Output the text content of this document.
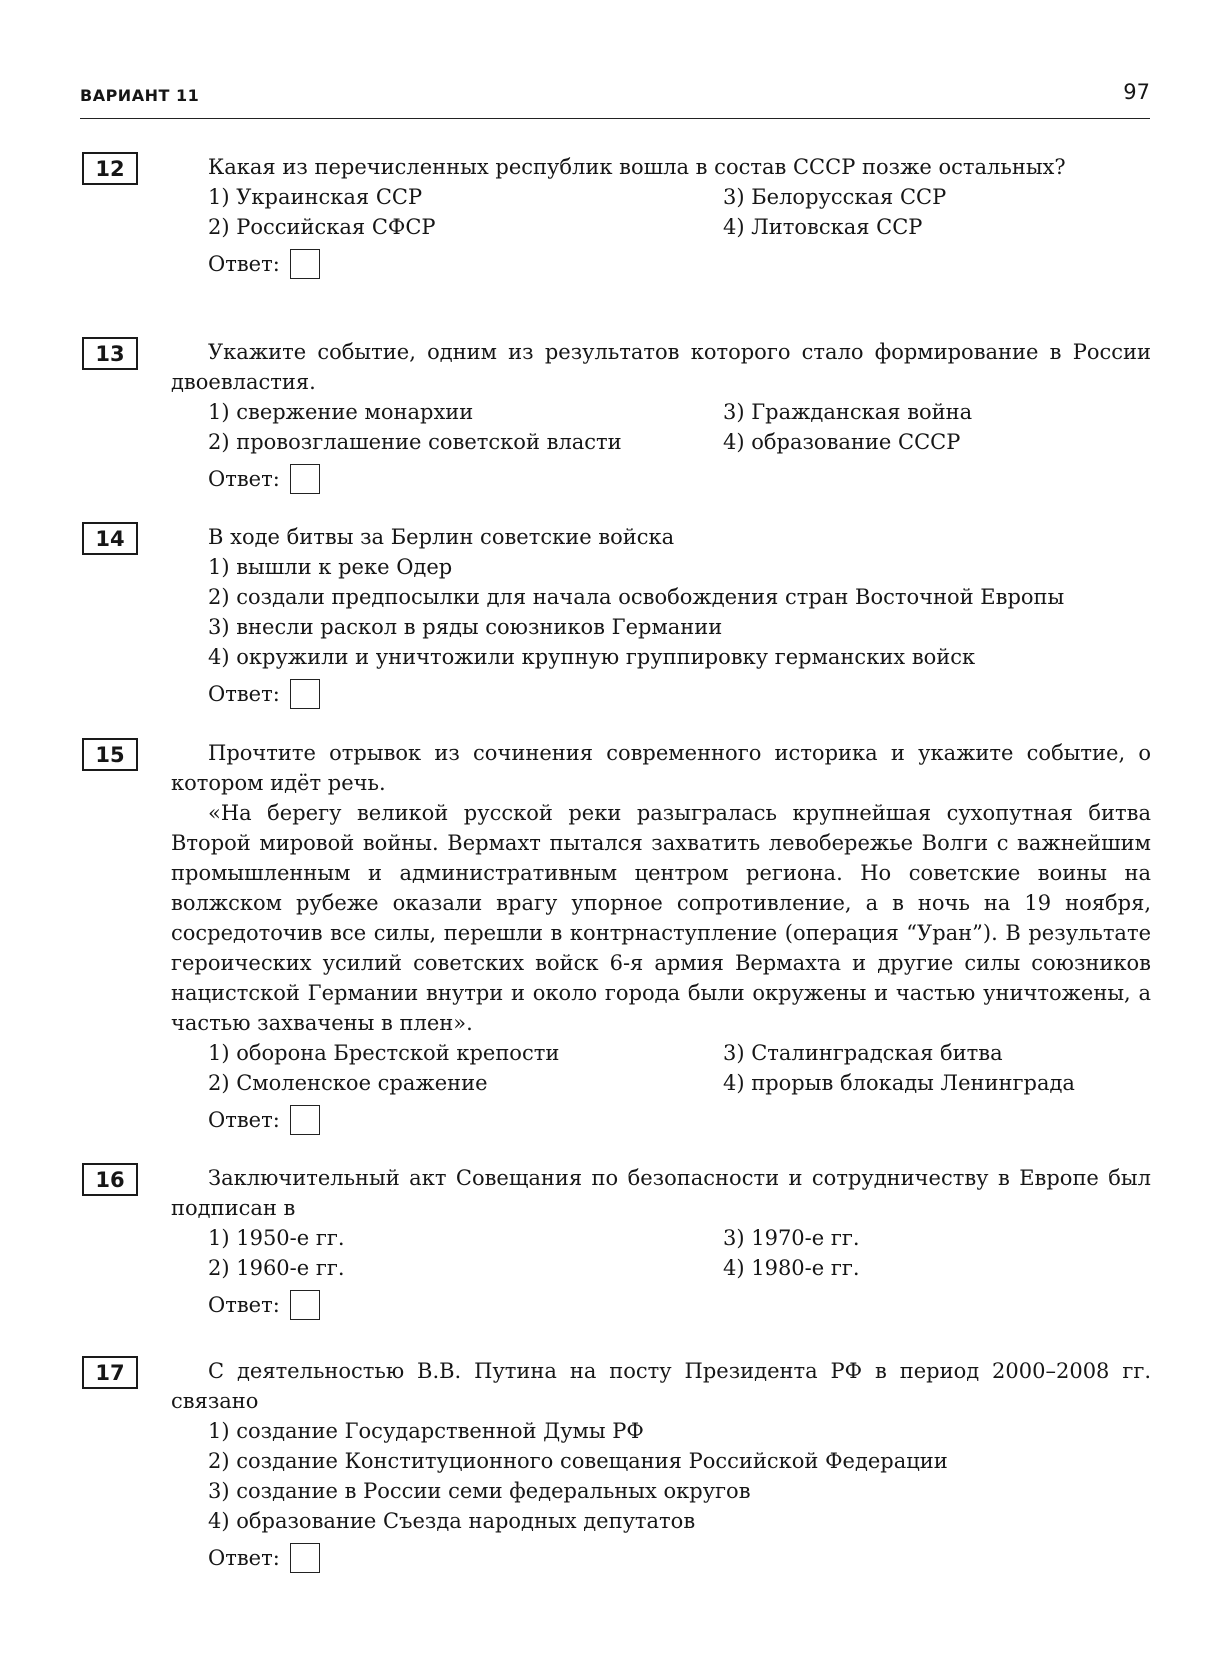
ВАРИАНТ 11	97
12	Какая из перечисленных республик вошла в состав СССР позже остальных?
1) Украинская ССР	3) Белорусская ССР
2) Российская СФСР	4) Литовская ССР
Ответ:
13	Укажите событие, одним из результатов которого стало формирование в России двоевластия.
1) свержение монархии	3) Гражданская война
2) провозглашение советской власти	4) образование СССР
Ответ:
14	В ходе битвы за Берлин советские войска
1) вышли к реке Одер
2) создали предпосылки для начала освобождения стран Восточной Европы
3) внесли раскол в ряды союзников Германии
4) окружили и уничтожили крупную группировку германских войск
Ответ:
15	Прочтите отрывок из сочинения современного историка и укажите событие, о котором идёт речь.
«На берегу великой русской реки разыгралась крупнейшая сухопутная битва Второй мировой войны. Вермахт пытался захватить левобережье Волги с важнейшим промышленным и административным центром региона. Но советские воины на волжском рубеже оказали врагу упорное сопротивление, а в ночь на 19 ноября, сосредоточив все силы, перешли в контрнаступление (операция “Уран”). В результате героических усилий советских войск 6-я армия Вермахта и другие силы союзников нацистской Германии внутри и около города были окружены и частью уничтожены, а частью захвачены в плен».
1) оборона Брестской крепости	3) Сталинградская битва
2) Смоленское сражение	4) прорыв блокады Ленинграда
Ответ:
16	Заключительный акт Совещания по безопасности и сотрудничеству в Европе был подписан в
1) 1950-е гг.	3) 1970-е гг.
2) 1960-е гг.	4) 1980-е гг.
Ответ:
17	С деятельностью В.В. Путина на посту Президента РФ в период 2000–2008 гг. связано
1) создание Государственной Думы РФ
2) создание Конституционного совещания Российской Федерации
3) создание в России семи федеральных округов
4) образование Съезда народных депутатов
Ответ:
